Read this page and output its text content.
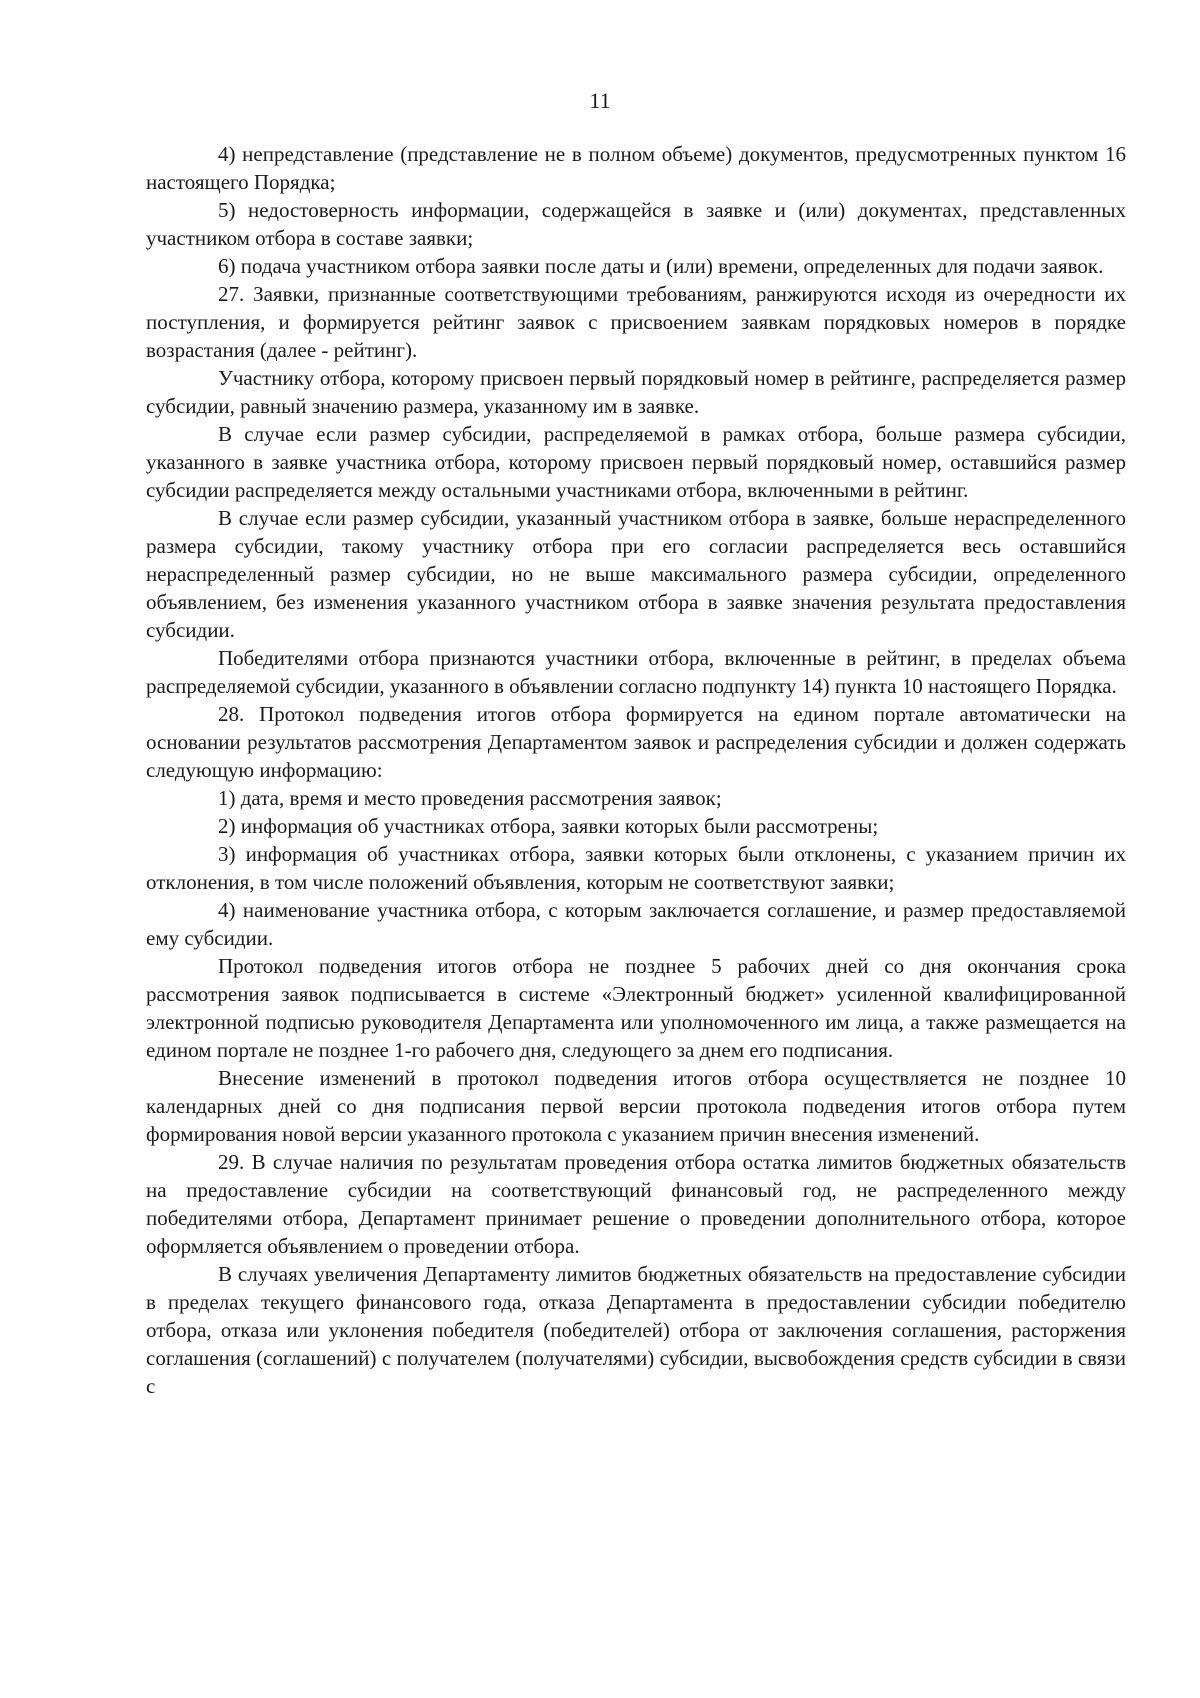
11

4) непредставление (представление не в полном объеме) документов, предусмотренных пунктом 16 настоящего Порядка;

5) недостоверность информации, содержащейся в заявке и (или) документах, представленных участником отбора в составе заявки;

6) подача участником отбора заявки после даты и (или) времени, определенных для подачи заявок.

27. Заявки, признанные соответствующими требованиям, ранжируются исходя из очередности их поступления, и формируется рейтинг заявок с присвоением заявкам порядковых номеров в порядке возрастания (далее - рейтинг).

Участнику отбора, которому присвоен первый порядковый номер в рейтинге, распределяется размер субсидии, равный значению размера, указанному им в заявке.

В случае если размер субсидии, распределяемой в рамках отбора, больше размера субсидии, указанного в заявке участника отбора, которому присвоен первый порядковый номер, оставшийся размер субсидии распределяется между остальными участниками отбора, включенными в рейтинг.

В случае если размер субсидии, указанный участником отбора в заявке, больше нераспределенного размера субсидии, такому участнику отбора при его согласии распределяется весь оставшийся нераспределенный размер субсидии, но не выше максимального размера субсидии, определенного объявлением, без изменения указанного участником отбора в заявке значения результата предоставления субсидии.

Победителями отбора признаются участники отбора, включенные в рейтинг, в пределах объема распределяемой субсидии, указанного в объявлении согласно подпункту 14) пункта 10 настоящего Порядка.

28. Протокол подведения итогов отбора формируется на едином портале автоматически на основании результатов рассмотрения Департаментом заявок и распределения субсидии и должен содержать следующую информацию:

1) дата, время и место проведения рассмотрения заявок;

2) информация об участниках отбора, заявки которых были рассмотрены;

3) информация об участниках отбора, заявки которых были отклонены, с указанием причин их отклонения, в том числе положений объявления, которым не соответствуют заявки;

4) наименование участника отбора, с которым заключается соглашение, и размер предоставляемой ему субсидии.

Протокол подведения итогов отбора не позднее 5 рабочих дней со дня окончания срока рассмотрения заявок подписывается в системе «Электронный бюджет» усиленной квалифицированной электронной подписью руководителя Департамента или уполномоченного им лица, а также размещается на едином портале не позднее 1-го рабочего дня, следующего за днем его подписания.

Внесение изменений в протокол подведения итогов отбора осуществляется не позднее 10 календарных дней со дня подписания первой версии протокола подведения итогов отбора путем формирования новой версии указанного протокола с указанием причин внесения изменений.

29. В случае наличия по результатам проведения отбора остатка лимитов бюджетных обязательств на предоставление субсидии на соответствующий финансовый год, не распределенного между победителями отбора, Департамент принимает решение о проведении дополнительного отбора, которое оформляется объявлением о проведении отбора.

В случаях увеличения Департаменту лимитов бюджетных обязательств на предоставление субсидии в пределах текущего финансового года, отказа Департамента в предоставлении субсидии победителю отбора, отказа или уклонения победителя (победителей) отбора от заключения соглашения, расторжения соглашения (соглашений) с получателем (получателями) субсидии, высвобождения средств субсидии в связи с
